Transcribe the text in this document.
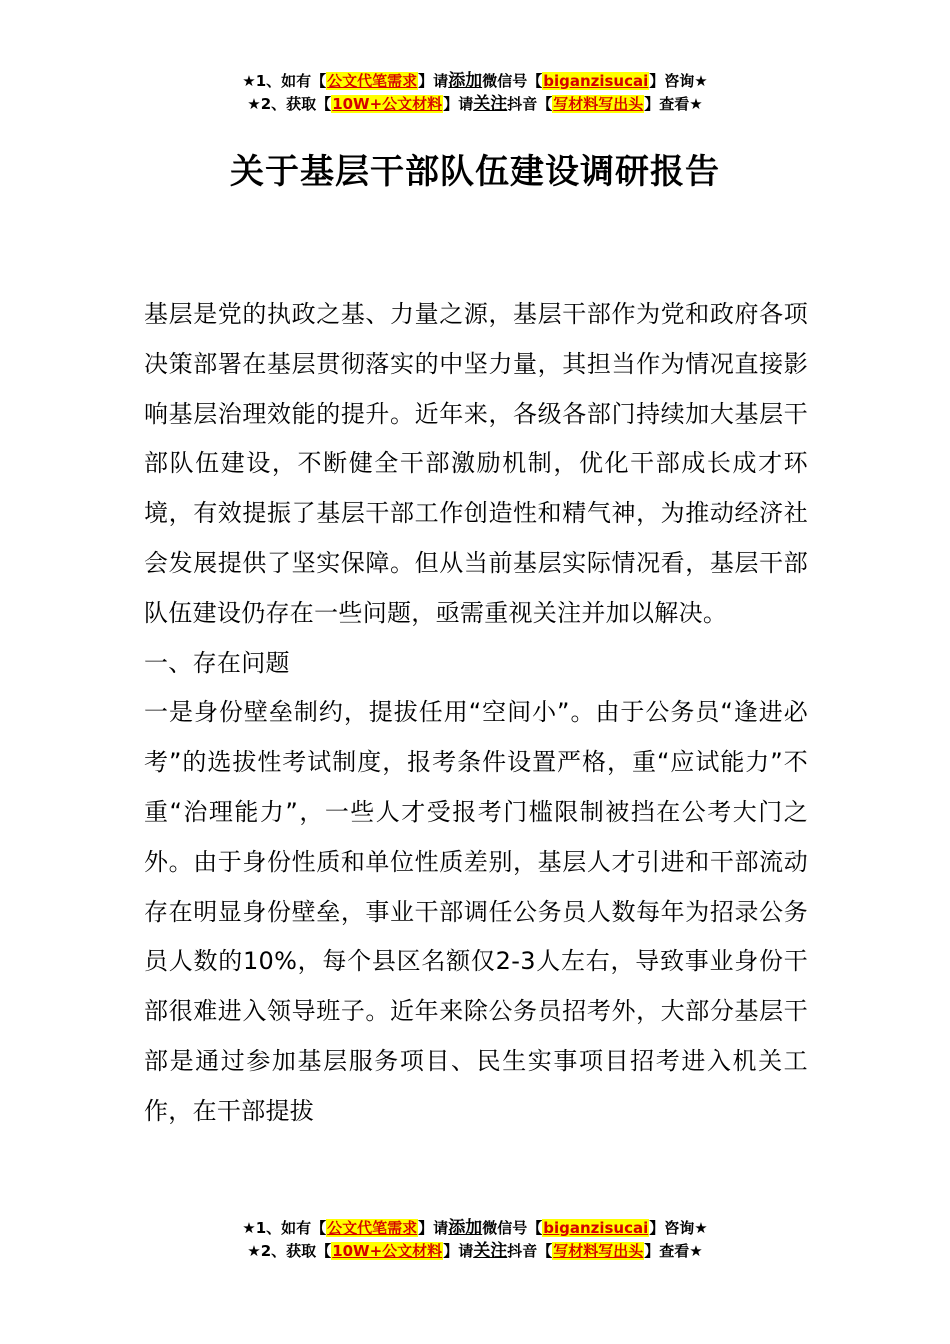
★1、如有【公文代笔需求】请添加微信号【biganzisucai】咨询★
★2、获取【10W+公文材料】请关注抖音【写材料写出头】查看★
关于基层干部队伍建设调研报告

基层是党的执政之基、力量之源，基层干部作为党和政府各项决策部署在基层贯彻落实的中坚力量，其担当作为情况直接影响基层治理效能的提升。近年来，各级各部门持续加大基层干部队伍建设，不断健全干部激励机制，优化干部成长成才环境，有效提振了基层干部工作创造性和精气神，为推动经济社会发展提供了坚实保障。但从当前基层实际情况看，基层干部队伍建设仍存在一些问题，亟需重视关注并加以解决。

一、存在问题

一是身份壁垒制约，提拔任用“空间小”。由于公务员“逢进必考”的选拔性考试制度，报考条件设置严格，重“应试能力”不重“治理能力”，一些人才受报考门槛限制被挡在公考大门之外。由于身份性质和单位性质差别，基层人才引进和干部流动存在明显身份壁垒，事业干部调任公务员人数每年为招录公务员人数的10%，每个县区名额仅2-3人左右，导致事业身份干部很难进入领导班子。近年来除公务员招考外，大部分基层干部是通过参加基层服务项目、民生实事项目招考进入机关工作，在干部提拔

★1、如有【公文代笔需求】请添加微信号【biganzisucai】咨询★
★2、获取【10W+公文材料】请关注抖音【写材料写出头】查看★
